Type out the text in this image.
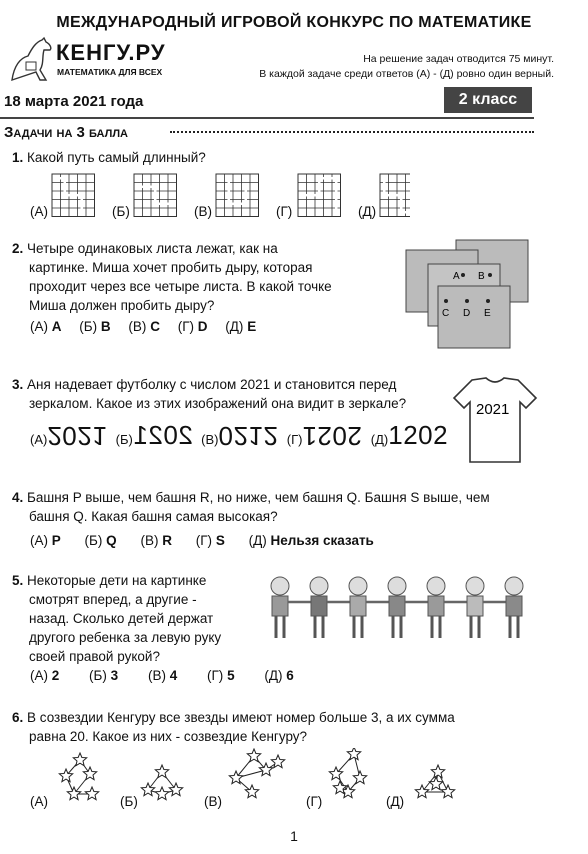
МЕЖДУНАРОДНЫЙ ИГРОВОЙ КОНКУРС ПО МАТЕМАТИКЕ
КЕНГУ.РУ
МАТЕМАТИКА ДЛЯ ВСЕХ
На решение задач отводится 75 минут.
В каждой задаче среди ответов (А) - (Д) ровно один верный.
18 марта 2021 года	2 класс
Задачи на 3 балла
1. Какой путь самый длинный?
(А)	(Б)	(В)	(Г)	(Д)
2. Четыре одинаковых листа лежат, как на
картинке. Миша хочет пробить дыру, которая
проходит через все четыре листа. В какой точке
Миша должен пробить дыру?
(А) A (Б) B (В) C (Г) D (Д) E
A B
C D E
3. Аня надевает футболку с числом 2021 и становится перед
зеркалом. Какое из этих изображений она видит в зеркале?
(А)2021 (Б)2021 (В)0212 (Г)2021 (Д)1202
2021
4. Башня P выше, чем башня R, но ниже, чем башня Q. Башня S выше, чем
башня Q. Какая башня самая высокая?
(А) P (Б) Q (В) R (Г) S (Д) Нельзя сказать
5. Некоторые дети на картинке
смотрят вперед, а другие -
назад. Сколько детей держат
другого ребенка за левую руку
своей правой рукой?
(А) 2 (Б) 3 (В) 4 (Г) 5 (Д) 6
6. В созвездии Кенгуру все звезды имеют номер больше 3, а их сумма
равна 20. Какое из них - созвездие Кенгуру?
(А)	(Б)	(В)	(Г)	(Д)
1
